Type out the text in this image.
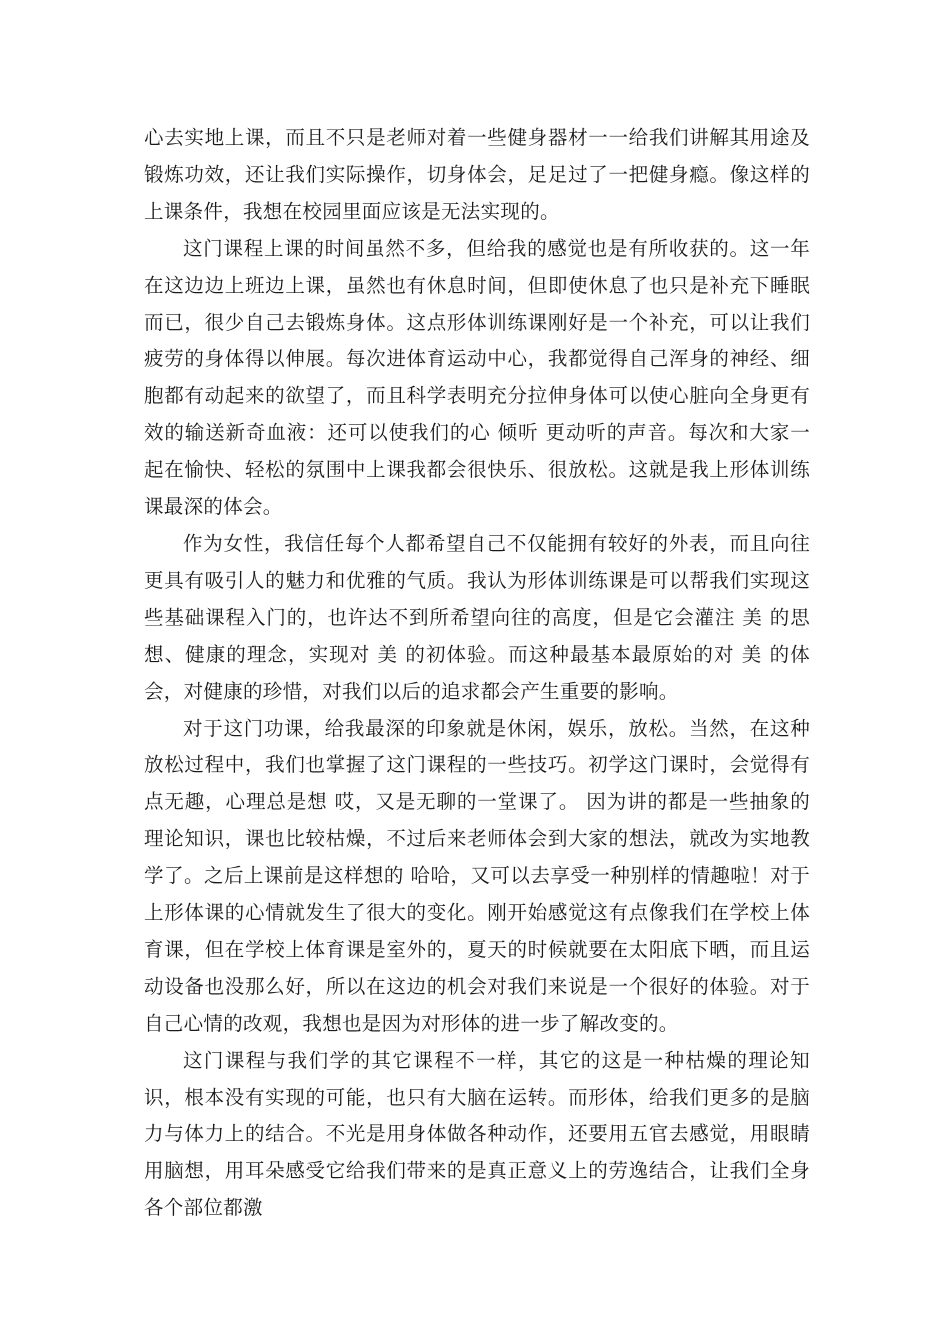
心去实地上课，而且不只是老师对着一些健身器材一一给我们讲解其用途及锻炼功效，还让我们实际操作，切身体会，足足过了一把健身瘾。像这样的上课条件，我想在校园里面应该是无法实现的。

这门课程上课的时间虽然不多，但给我的感觉也是有所收获的。这一年在这边边上班边上课，虽然也有休息时间，但即使休息了也只是补充下睡眠而已，很少自己去锻炼身体。这点形体训练课刚好是一个补充，可以让我们疲劳的身体得以伸展。每次进体育运动中心，我都觉得自己浑身的神经、细胞都有动起来的欲望了，而且科学表明充分拉伸身体可以使心脏向全身更有效的输送新奇血液：还可以使我们的心 倾听 更动听的声音。每次和大家一起在愉快、轻松的氛围中上课我都会很快乐、很放松。这就是我上形体训练课最深的体会。

作为女性，我信任每个人都希望自己不仅能拥有较好的外表，而且向往更具有吸引人的魅力和优雅的气质。我认为形体训练课是可以帮我们实现这些基础课程入门的，也许达不到所希望向往的高度，但是它会灌注 美 的思想、健康的理念，实现对 美 的初体验。而这种最基本最原始的对 美 的体会，对健康的珍惜，对我们以后的追求都会产生重要的影响。

对于这门功课，给我最深的印象就是休闲，娱乐，放松。当然，在这种放松过程中，我们也掌握了这门课程的一些技巧。初学这门课时，会觉得有点无趣，心理总是想 哎，又是无聊的一堂课了。 因为讲的都是一些抽象的理论知识，课也比较枯燥，不过后来老师体会到大家的想法，就改为实地教学了。之后上课前是这样想的 哈哈，又可以去享受一种别样的情趣啦！对于上形体课的心情就发生了很大的变化。刚开始感觉这有点像我们在学校上体育课，但在学校上体育课是室外的，夏天的时候就要在太阳底下晒，而且运动设备也没那么好，所以在这边的机会对我们来说是一个很好的体验。对于自己心情的改观，我想也是因为对形体的进一步了解改变的。

这门课程与我们学的其它课程不一样，其它的这是一种枯燥的理论知识，根本没有实现的可能，也只有大脑在运转。而形体，给我们更多的是脑力与体力上的结合。不光是用身体做各种动作，还要用五官去感觉，用眼睛用脑想，用耳朵感受它给我们带来的是真正意义上的劳逸结合，让我们全身各个部位都激
